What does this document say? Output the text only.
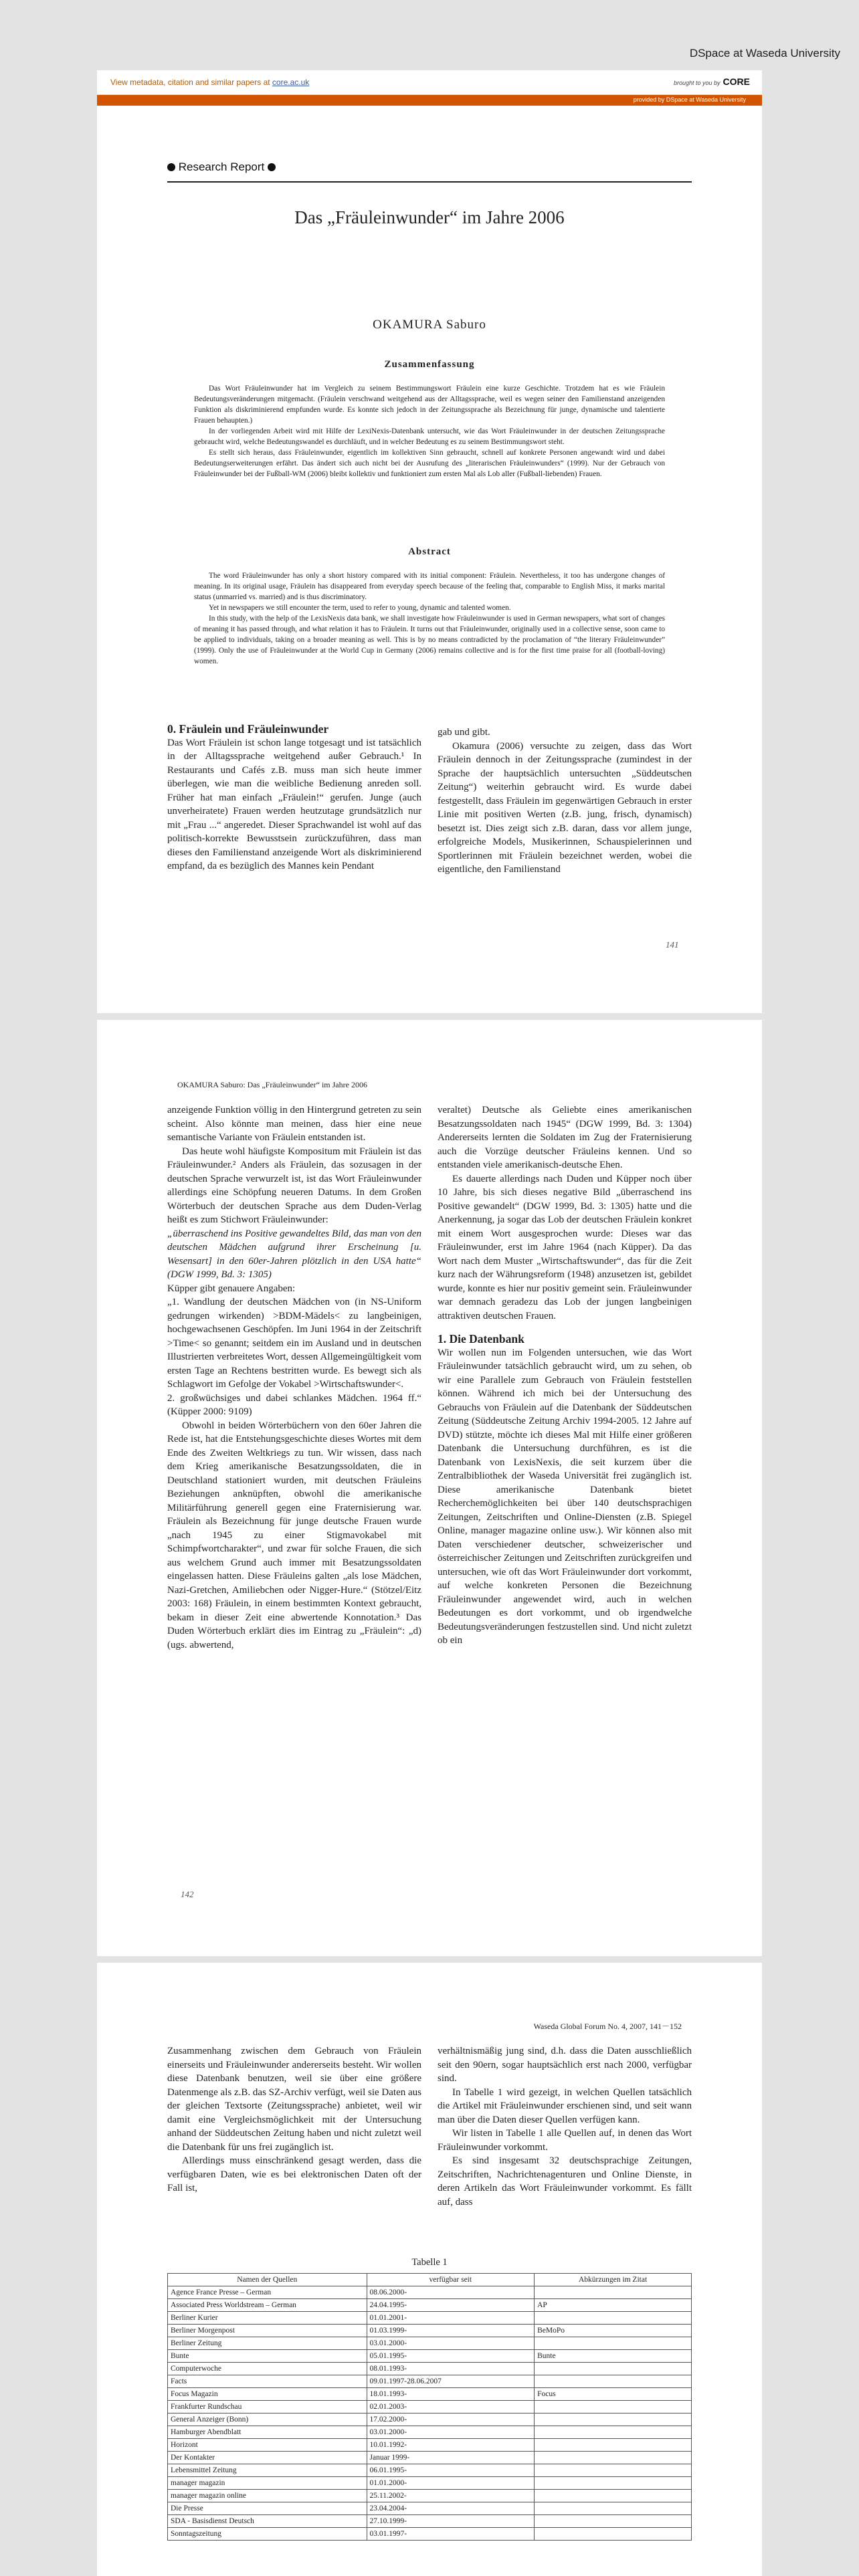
DSpace at Waseda University
View metadata, citation and similar papers at core.ac.uk	brought to you by CORE
provided by DSpace at Waseda University
Research Report
Das „Fräuleinwunder“ im Jahre 2006
OKAMURA Saburo
Zusammenfassung

Das Wort Fräuleinwunder hat im Vergleich zu seinem Bestimmungswort Fräulein eine kurze Geschichte. Trotzdem hat es wie Fräulein Bedeutungsveränderungen mitgemacht. (Fräulein verschwand weitgehend aus der Alltagssprache, weil es wegen seiner den Familienstand anzeigenden Funktion als diskriminierend empfunden wurde. Es konnte sich jedoch in der Zeitungssprache als Bezeichnung für junge, dynamische und talentierte Frauen behaupten.)

In der vorliegenden Arbeit wird mit Hilfe der LexiNexis-Datenbank untersucht, wie das Wort Fräuleinwunder in der deutschen Zeitungssprache gebraucht wird, welche Bedeutungswandel es durchläuft, und in welcher Bedeutung es zu seinem Bestimmungswort steht.

Es stellt sich heraus, dass Fräuleinwunder, eigentlich im kollektiven Sinn gebraucht, schnell auf konkrete Personen angewandt wird und dabei Bedeutungserweiterungen erfährt. Das ändert sich auch nicht bei der Ausrufung des „literarischen Fräuleinwunders“ (1999). Nur der Gebrauch von Fräuleinwunder bei der Fußball-WM (2006) bleibt kollektiv und funktioniert zum ersten Mal als Lob aller (Fußball-liebenden) Frauen.

Abstract

The word Fräuleinwunder has only a short history compared with its initial component: Fräulein. Nevertheless, it too has undergone changes of meaning. In its original usage, Fräulein has disappeared from everyday speech because of the feeling that, comparable to English Miss, it marks marital status (unmarried vs. married) and is thus discriminatory.

Yet in newspapers we still encounter the term, used to refer to young, dynamic and talented women.

In this study, with the help of the LexisNexis data bank, we shall investigate how Fräuleinwunder is used in German newspapers, what sort of changes of meaning it has passed through, and what relation it has to Fräulein. It turns out that Fräuleinwunder, originally used in a collective sense, soon came to be applied to individuals, taking on a broader meaning as well. This is by no means contradicted by the proclamation of “the literary Fräuleinwunder” (1999). Only the use of Fräuleinwunder at the World Cup in Germany (2006) remains collective and is for the first time praise for all (football-loving) women.

0. Fräulein und Fräuleinwunder

Das Wort Fräulein ist schon lange totgesagt und ist tatsächlich in der Alltagssprache weitgehend außer Gebrauch.¹ In Restaurants und Cafés z.B. muss man sich heute immer überlegen, wie man die weibliche Bedienung anreden soll. Früher hat man einfach „Fräulein!“ gerufen. Junge (auch unverheiratete) Frauen werden heutzutage grundsätzlich nur mit „Frau ...“ angeredet. Dieser Sprachwandel ist wohl auf das politisch-korrekte Bewusstsein zurückzuführen, dass man dieses den Familienstand anzeigende Wort als diskriminierend empfand, da es bezüglich des Mannes kein Pendant

gab und gibt.

Okamura (2006) versuchte zu zeigen, dass das Wort Fräulein dennoch in der Zeitungssprache (zumindest in der Sprache der hauptsächlich untersuchten „Süddeutschen Zeitung“) weiterhin gebraucht wird. Es wurde dabei festgestellt, dass Fräulein im gegenwärtigen Gebrauch in erster Linie mit positiven Werten (z.B. jung, frisch, dynamisch) besetzt ist. Dies zeigt sich z.B. daran, dass vor allem junge, erfolgreiche Models, Musikerinnen, Schauspielerinnen und Sportlerinnen mit Fräulein bezeichnet werden, wobei die eigentliche, den Familienstand

141
OKAMURA Saburo: Das „Fräuleinwunder“ im Jahre 2006

anzeigende Funktion völlig in den Hintergrund getreten zu sein scheint. Also könnte man meinen, dass hier eine neue semantische Variante von Fräulein entstanden ist.

Das heute wohl häufigste Kompositum mit Fräulein ist das Fräuleinwunder.² Anders als Fräulein, das sozusagen in der deutschen Sprache verwurzelt ist, ist das Wort Fräuleinwunder allerdings eine Schöpfung neueren Datums. In dem Großen Wörterbuch der deutschen Sprache aus dem Duden-Verlag heißt es zum Stichwort Fräuleinwunder:

„überraschend ins Positive gewandeltes Bild, das man von den deutschen Mädchen aufgrund ihrer Erscheinung [u. Wesensart] in den 60er-Jahren plötzlich in den USA hatte“ (DGW 1999, Bd. 3: 1305)

Küpper gibt genauere Angaben:

„1. Wandlung der deutschen Mädchen von (in NS-Uniform gedrungen wirkenden) >BDM-Mädels< zu langbeinigen, hochgewachsenen Geschöpfen. Im Juni 1964 in der Zeitschrift >Time< so genannt; seitdem ein im Ausland und in deutschen Illustrierten verbreitetes Wort, dessen Allgemeingültigkeit vom ersten Tage an Rechtens bestritten wurde. Es bewegt sich als Schlagwort im Gefolge der Vokabel >Wirtschaftswunder<.

2. großwüchsiges und dabei schlankes Mädchen. 1964 ff.“ (Küpper 2000: 9109)

Obwohl in beiden Wörterbüchern von den 60er Jahren die Rede ist, hat die Entstehungsgeschichte dieses Wortes mit dem Ende des Zweiten Weltkriegs zu tun. Wir wissen, dass nach dem Krieg amerikanische Besatzungssoldaten, die in Deutschland stationiert wurden, mit deutschen Fräuleins Beziehungen anknüpften, obwohl die amerikanische Militärführung generell gegen eine Fraternisierung war. Fräulein als Bezeichnung für junge deutsche Frauen wurde „nach 1945 zu einer Stigmavokabel mit Schimpfwortcharakter“, und zwar für solche Frauen, die sich aus welchem Grund auch immer mit Besatzungssoldaten eingelassen hatten. Diese Fräuleins galten „als lose Mädchen, Nazi-Gretchen, Amiliebchen oder Nigger-Hure.“ (Stötzel/Eitz 2003: 168) Fräulein, in einem bestimmten Kontext gebraucht, bekam in dieser Zeit eine abwertende Konnotation.³ Das Duden Wörterbuch erklärt dies im Eintrag zu „Fräulein“: „d) (ugs. abwertend,

veraltet) Deutsche als Geliebte eines amerikanischen Besatzungssoldaten nach 1945“ (DGW 1999, Bd. 3: 1304) Andererseits lernten die Soldaten im Zug der Fraternisierung auch die Vorzüge deutscher Fräuleins kennen. Und so entstanden viele amerikanisch-deutsche Ehen.

Es dauerte allerdings nach Duden und Küpper noch über 10 Jahre, bis sich dieses negative Bild „überraschend ins Positive gewandelt“ (DGW 1999, Bd. 3: 1305) hatte und die Anerkennung, ja sogar das Lob der deutschen Fräulein konkret mit einem Wort ausgesprochen wurde: Dieses war das Fräuleinwunder, erst im Jahre 1964 (nach Küpper). Da das Wort nach dem Muster „Wirtschaftswunder“, das für die Zeit kurz nach der Währungsreform (1948) anzusetzen ist, gebildet wurde, konnte es hier nur positiv gemeint sein. Fräuleinwunder war demnach geradezu das Lob der jungen langbeinigen attraktiven deutschen Frauen.

1. Die Datenbank

Wir wollen nun im Folgenden untersuchen, wie das Wort Fräuleinwunder tatsächlich gebraucht wird, um zu sehen, ob wir eine Parallele zum Gebrauch von Fräulein feststellen können. Während ich mich bei der Untersuchung des Gebrauchs von Fräulein auf die Datenbank der Süddeutschen Zeitung (Süddeutsche Zeitung Archiv 1994-2005. 12 Jahre auf DVD) stützte, möchte ich dieses Mal mit Hilfe einer größeren Datenbank die Untersuchung durchführen, es ist die Datenbank von LexisNexis, die seit kurzem über die Zentralbibliothek der Waseda Universität frei zugänglich ist. Diese amerikanische Datenbank bietet Recherchemöglichkeiten bei über 140 deutschsprachigen Zeitungen, Zeitschriften und Online-Diensten (z.B. Spiegel Online, manager magazine online usw.). Wir können also mit Daten verschiedener deutscher, schweizerischer und österreichischer Zeitungen und Zeitschriften zurückgreifen und untersuchen, wie oft das Wort Fräuleinwunder dort vorkommt, auf welche konkreten Personen die Bezeichnung Fräuleinwunder angewendet wird, auch in welchen Bedeutungen es dort vorkommt, und ob irgendwelche Bedeutungsveränderungen festzustellen sind. Und nicht zuletzt ob ein

142
Waseda Global Forum No. 4, 2007, 141－152

Zusammenhang zwischen dem Gebrauch von Fräulein einerseits und Fräuleinwunder andererseits besteht. Wir wollen diese Datenbank benutzen, weil sie über eine größere Datenmenge als z.B. das SZ-Archiv verfügt, weil sie Daten aus der gleichen Textsorte (Zeitungssprache) anbietet, weil wir damit eine Vergleichsmöglichkeit mit der Untersuchung anhand der Süddeutschen Zeitung haben und nicht zuletzt weil die Datenbank für uns frei zugänglich ist.

Allerdings muss einschränkend gesagt werden, dass die verfügbaren Daten, wie es bei elektronischen Daten oft der Fall ist,

verhältnismäßig jung sind, d.h. dass die Daten ausschließlich seit den 90ern, sogar hauptsächlich erst nach 2000, verfügbar sind.

In Tabelle 1 wird gezeigt, in welchen Quellen tatsächlich die Artikel mit Fräuleinwunder erschienen sind, und seit wann man über die Daten dieser Quellen verfügen kann.

Wir listen in Tabelle 1 alle Quellen auf, in denen das Wort Fräuleinwunder vorkommt.

Es sind insgesamt 32 deutschsprachige Zeitungen, Zeitschriften, Nachrichtenagenturen und Online Dienste, in deren Artikeln das Wort Fräuleinwunder vorkommt. Es fällt auf, dass

Tabelle 1
Namen der Quellen	verfügbar seit	Abkürzungen im Zitat
Agence France Presse – German	08.06.2000-	
Associated Press Worldstream – German	24.04.1995-	AP
Berliner Kurier	01.01.2001-	
Berliner Morgenpost	01.03.1999-	BeMoPo
Berliner Zeitung	03.01.2000-	
Bunte	05.01.1995-	Bunte
Computerwoche	08.01.1993-	
Facts	09.01.1997-28.06.2007	
Focus Magazin	18.01.1993-	Focus
Frankfurter Rundschau	02.01.2003-	
General Anzeiger (Bonn)	17.02.2000-	
Hamburger Abendblatt	03.01.2000-	
Horizont	10.01.1992-	
Der Kontakter	Januar 1999-	
Lebensmittel Zeitung	06.01.1995-	
manager magazin	01.01.2000-	
manager magazin online	25.11.2002-	
Die Presse	23.04.2004-	
SDA - Basisdienst Deutsch	27.10.1999-	
Sonntagszeitung	03.01.1997-	
